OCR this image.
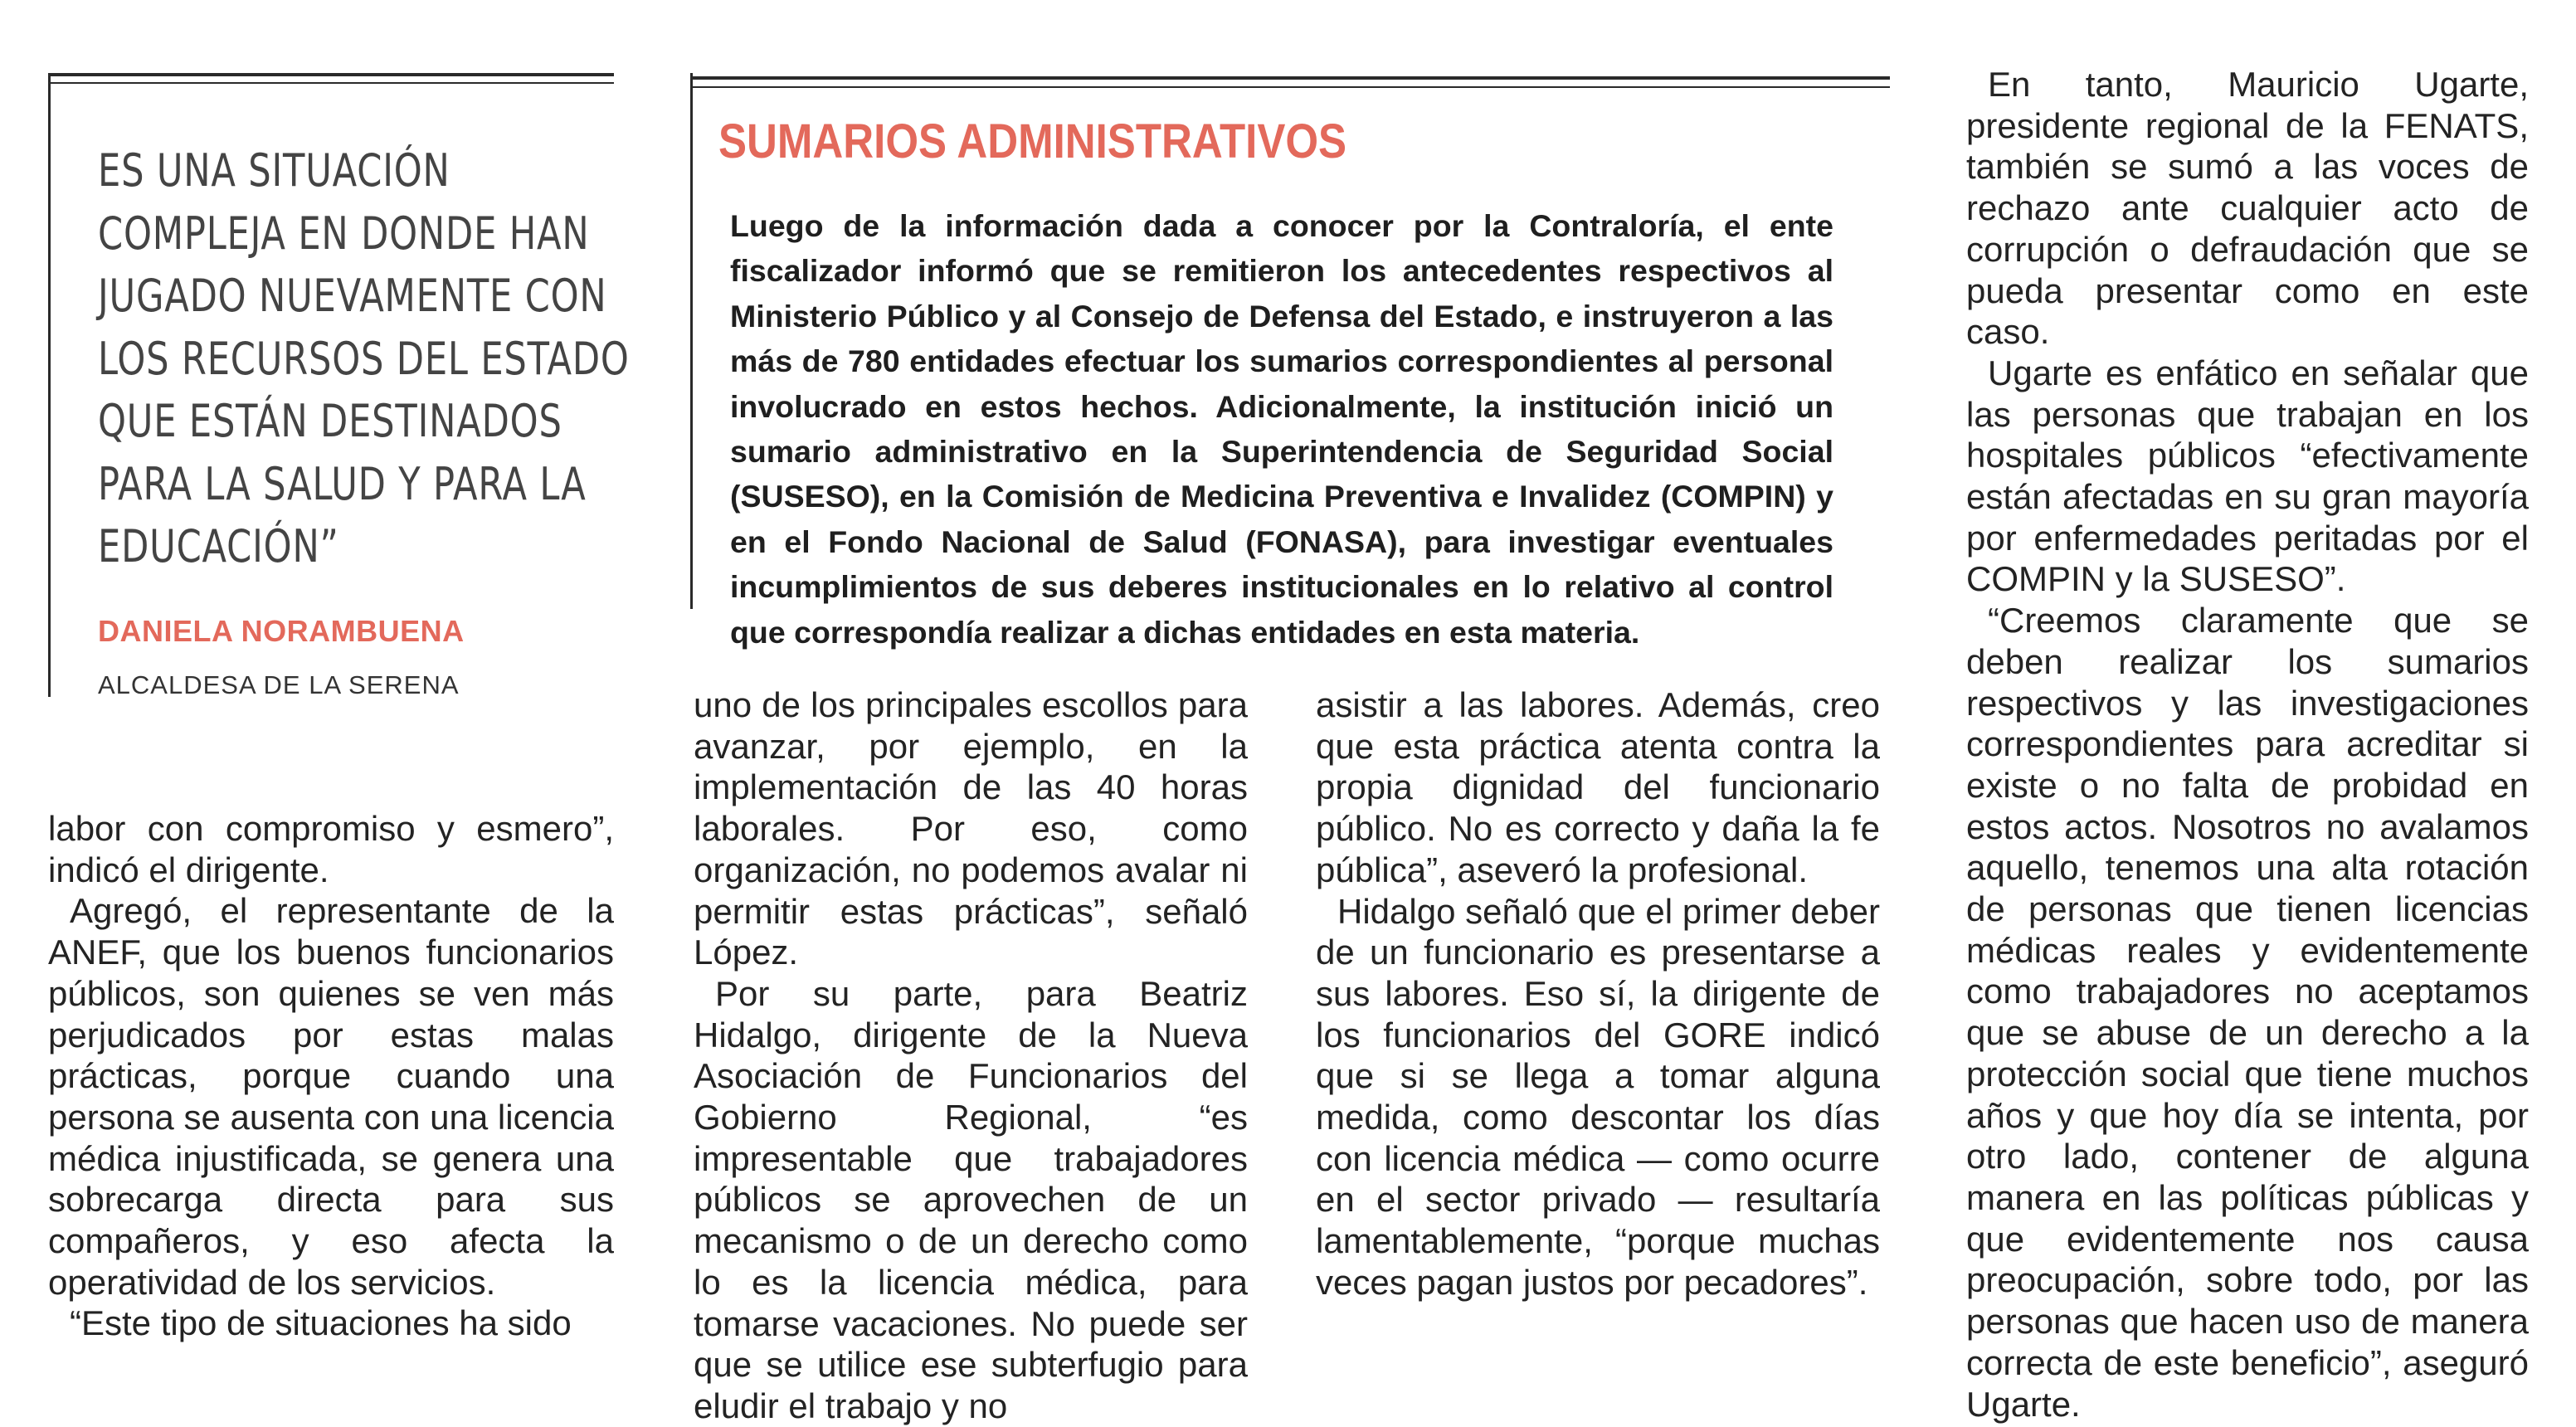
ES UNA SITUACIÓN
COMPLEJA EN DONDE HAN
JUGADO NUEVAMENTE CON
LOS RECURSOS DEL ESTADO
QUE ESTÁN DESTINADOS
PARA LA SALUD Y PARA LA
EDUCACIÓN”
DANIELA NORAMBUENA
ALCALDESA DE LA SERENA
SUMARIOS ADMINISTRATIVOS
Luego de la información dada a conocer por la Contraloría, el ente fiscalizador informó que se remitieron los antecedentes respectivos al Ministerio Público y al Consejo de Defensa del Estado, e instruyeron a las más de 780 entidades efectuar los sumarios correspondientes al personal involucrado en estos hechos. Adicionalmente, la institución inició un sumario administrativo en la Superintendencia de Seguridad Social (SUSESO), en la Comisión de Medicina Preventiva e Invalidez (COMPIN) y en el Fondo Nacional de Salud (FONASA), para investigar eventuales incumplimientos de sus deberes institucionales en lo relativo al control que correspondía realizar a dichas entidades en esta materia.

labor con compromiso y esmero”, indicó el dirigente.

Agregó, el representante de la ANEF, que los buenos funcionarios públicos, son quienes se ven más perjudicados por estas malas prácticas, porque cuando una persona se ausenta con una licencia médica injustificada, se genera una sobrecarga directa para sus compañeros, y eso afecta la operatividad de los servicios.

“Este tipo de situaciones ha sido

uno de los principales escollos para avanzar, por ejemplo, en la implementación de las 40 horas laborales. Por eso, como organización, no podemos avalar ni permitir estas prácticas”, señaló López.

Por su parte, para Beatriz Hidalgo, dirigente de la Nueva Asociación de Funcionarios del Gobierno Regional, “es impresentable que trabajadores públicos se aprovechen de un mecanismo o de un derecho como lo es la licencia médica, para tomarse vacaciones. No puede ser que se utilice ese subterfugio para eludir el trabajo y no

asistir a las labores. Además, creo que esta práctica atenta contra la propia dignidad del funcionario público. No es correcto y daña la fe pública”, aseveró la profesional.

Hidalgo señaló que el primer deber de un funcionario es presentarse a sus labores. Eso sí, la dirigente de los funcionarios del GORE indicó que si se llega a tomar alguna medida, como descontar los días con licencia médica — como ocurre en el sector privado — resultaría lamentablemente, “porque muchas veces pagan justos por pecadores”.

En tanto, Mauricio Ugarte, presidente regional de la FENATS, también se sumó a las voces de rechazo ante cualquier acto de corrupción o defraudación que se pueda presentar como en este caso.

Ugarte es enfático en señalar que las personas que trabajan en los hospitales públicos “efectivamente están afectadas en su gran mayoría por enfermedades peritadas por el COMPIN y la SUSESO”.

“Creemos claramente que se deben realizar los sumarios respectivos y las investigaciones correspondientes para acreditar si existe o no falta de probidad en estos actos. Nosotros no avalamos aquello, tenemos una alta rotación de personas que tienen licencias médicas reales y evidentemente como trabajadores no aceptamos que se abuse de un derecho a la protección social que tiene muchos años y que hoy día se intenta, por otro lado, contener de alguna manera en las políticas públicas y que evidentemente nos causa preocupación, sobre todo, por las personas que hacen uso de manera correcta de este beneficio”, aseguró Ugarte.
